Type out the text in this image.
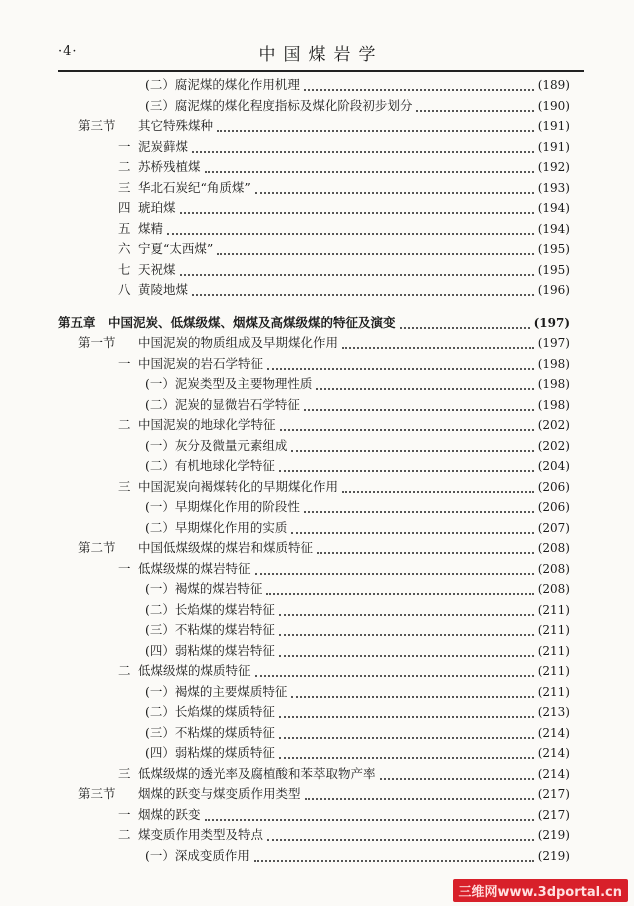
·4·	中国煤岩学
(二）腐泥煤的煤化作用机理	(189)
(三）腐泥煤的煤化程度指标及煤化阶段初步划分	(190)
第三节	其它特殊煤种	(191)
一 泥炭藓煤	(191)
二 苏桥残植煤	(192)
三 华北石炭纪“角质煤”	(193)
四 琥珀煤	(194)
五 煤精	(194)
六 宁夏“太西煤”	(195)
七 天祝煤	(195)
八 黄陵地煤	(196)
第五章 中国泥炭、低煤级煤、烟煤及高煤级煤的特征及演变	(197)
第一节	中国泥炭的物质组成及早期煤化作用	(197)
一 中国泥炭的岩石学特征	(198)
(一）泥炭类型及主要物理性质	(198)
(二）泥炭的显微岩石学特征	(198)
二 中国泥炭的地球化学特征	(202)
(一）灰分及微量元素组成	(202)
(二）有机地球化学特征	(204)
三 中国泥炭向褐煤转化的早期煤化作用	(206)
(一）早期煤化作用的阶段性	(206)
(二）早期煤化作用的实质	(207)
第二节	中国低煤级煤的煤岩和煤质特征	(208)
一 低煤级煤的煤岩特征	(208)
(一）褐煤的煤岩特征	(208)
(二）长焰煤的煤岩特征	(211)
(三）不粘煤的煤岩特征	(211)
(四）弱粘煤的煤岩特征	(211)
二 低煤级煤的煤质特征	(211)
(一）褐煤的主要煤质特征	(211)
(二）长焰煤的煤质特征	(213)
(三）不粘煤的煤质特征	(214)
(四）弱粘煤的煤质特征	(214)
三 低煤级煤的透光率及腐植酸和苯萃取物产率	(214)
第三节	烟煤的跃变与煤变质作用类型	(217)
一 烟煤的跃变	(217)
二 煤变质作用类型及特点	(219)
(一）深成变质作用	(219)
三维网www.3dportal.cn
